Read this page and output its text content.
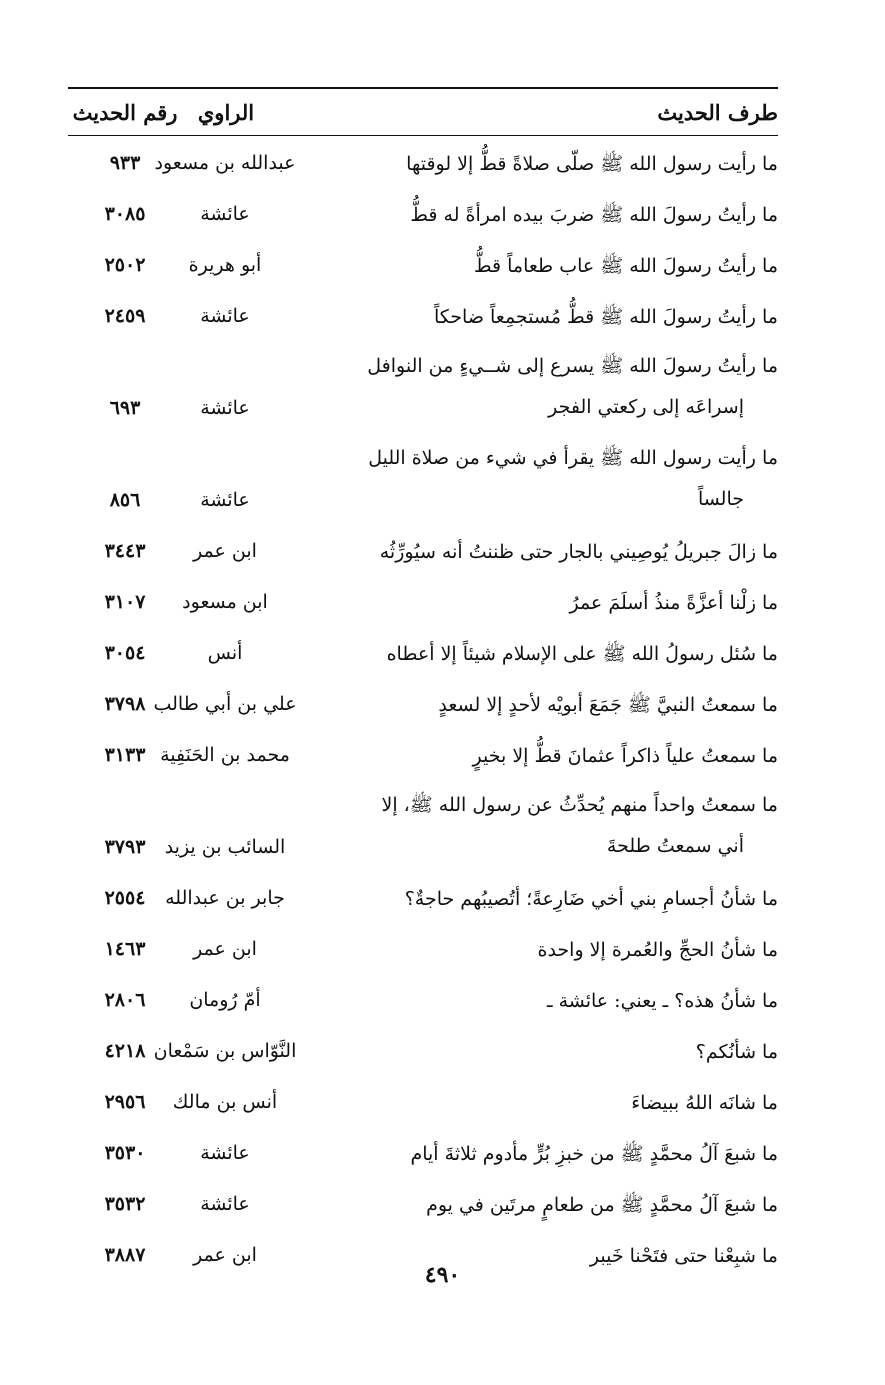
طرف الحديث
الراوي
رقم الحديث
ما رأيت رسول الله ﷺ صلّى صلاةً قطُّ إلا لوقتها
عبدالله بن مسعود
٩٣٣
ما رأيتُ رسولَ الله ﷺ ضربَ بيده امرأةً له قطُّ
عائشة
٣٠٨٥
ما رأيتُ رسولَ الله ﷺ عاب طعاماً قطُّ
أبو هريرة
٢٥٠٢
ما رأيتُ رسولَ الله ﷺ قطُّ مُستجمِعاً ضاحكاً
عائشة
٢٤٥٩
ما رأيتُ رسولَ الله ﷺ يسرع إلى شــيءٍ من النوافل
إسراعَه إلى ركعتي الفجر
عائشة
٦٩٣
ما رأيت رسول الله ﷺ يقرأ في شيء من صلاة الليل
جالساً
عائشة
٨٥٦
ما زالَ جبريلُ يُوصِيني بالجار حتى ظننتُ أنه سيُورِّثُه
ابن عمر
٣٤٤٣
ما زلْنا أعزَّةً منذُ أسلَمَ عمرُ
ابن مسعود
٣١٠٧
ما سُئل رسولُ الله ﷺ على الإسلام شيئاً إلا أعطاه
أنس
٣٠٥٤
ما سمعتُ النبيَّ ﷺ جَمَعَ أبويْه لأحدٍ إلا لسعدٍ
علي بن أبي طالب
٣٧٩٨
ما سمعتُ علياً ذاكراً عثمانَ قطُّ إلا بخيرٍ
محمد بن الحَنَفِية
٣١٣٣
ما سمعتُ واحداً منهم يُحدِّثُ عن رسول الله ﷺ، إلا
أني سمعتُ طلحةَ
السائب بن يزيد
٣٧٩٣
ما شأنُ أجسامِ بني أخي ضَارِعةً؛ أتُصيبُهم حاجةٌ؟
جابر بن عبدالله
٢٥٥٤
ما شأنُ الحجِّ والعُمرة إلا واحدة
ابن عمر
١٤٦٣
ما شأنُ هذه؟ ـ يعني: عائشة ـ
أمّ رُومان
٢٨٠٦
ما شأنُكم؟
النَّوّاس بن سَمْعان
٤٢١٨
ما شانَه اللهُ ببيضاءَ
أنس بن مالك
٢٩٥٦
ما شبعَ آلُ محمَّدٍ ﷺ من خبزِ بُرٍّ مأدوم ثلاثةَ أيام
عائشة
٣٥٣٠
ما شبعَ آلُ محمَّدٍ ﷺ من طعامٍ مرتَين في يوم
عائشة
٣٥٣٢
ما شبِعْنا حتى فتَحْنا خَيبر
ابن عمر
٣٨٨٧
٤٩٠
